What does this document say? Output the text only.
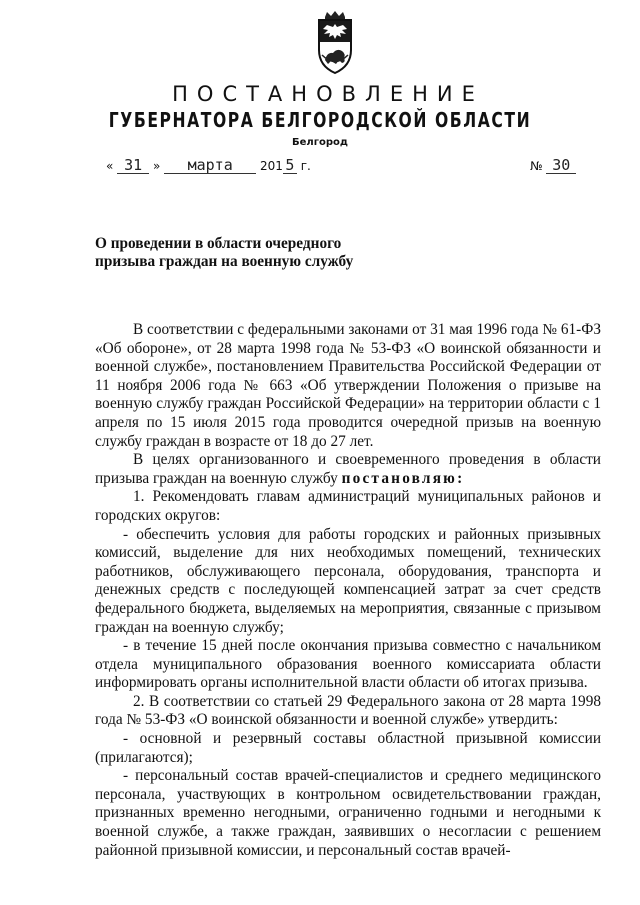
ПОСТАНОВЛЕНИЕ
ГУБЕРНАТОРА БЕЛГОРОДСКОЙ ОБЛАСТИ
Белгород
« 31 » марта 201 5 г.	№ 30
О проведении в области очередного
призыва граждан на военную службу

В соответствии с федеральными законами от 31 мая 1996 года № 61-ФЗ «Об обороне», от 28 марта 1998 года № 53-ФЗ «О воинской обязанности и военной службе», постановлением Правительства Российской Федерации от 11 ноября 2006 года № 663 «Об утверждении Положения о призыве на военную службу граждан Российской Федерации» на территории области с 1 апреля по 15 июля 2015 года проводится очередной призыв на военную службу граждан в возрасте от 18 до 27 лет.

В целях организованного и своевременного проведения в области призыва граждан на военную службу постановляю:

1. Рекомендовать главам администраций муниципальных районов и городских округов:

- обеспечить условия для работы городских и районных призывных комиссий, выделение для них необходимых помещений, технических работников, обслуживающего персонала, оборудования, транспорта и денежных средств с последующей компенсацией затрат за счет средств федерального бюджета, выделяемых на мероприятия, связанные с призывом граждан на военную службу;

- в течение 15 дней после окончания призыва совместно с начальником отдела муниципального образования военного комиссариата области информировать органы исполнительной власти области об итогах призыва.

2. В соответствии со статьей 29 Федерального закона от 28 марта 1998 года № 53-ФЗ «О воинской обязанности и военной службе» утвердить:

- основной и резервный составы областной призывной комиссии (прилагаются);

- персональный состав врачей-специалистов и среднего медицинского персонала, участвующих в контрольном освидетельствовании граждан, признанных временно негодными, ограниченно годными и негодными к военной службе, а также граждан, заявивших о несогласии с решением районной призывной комиссии, и персональный состав врачей-
